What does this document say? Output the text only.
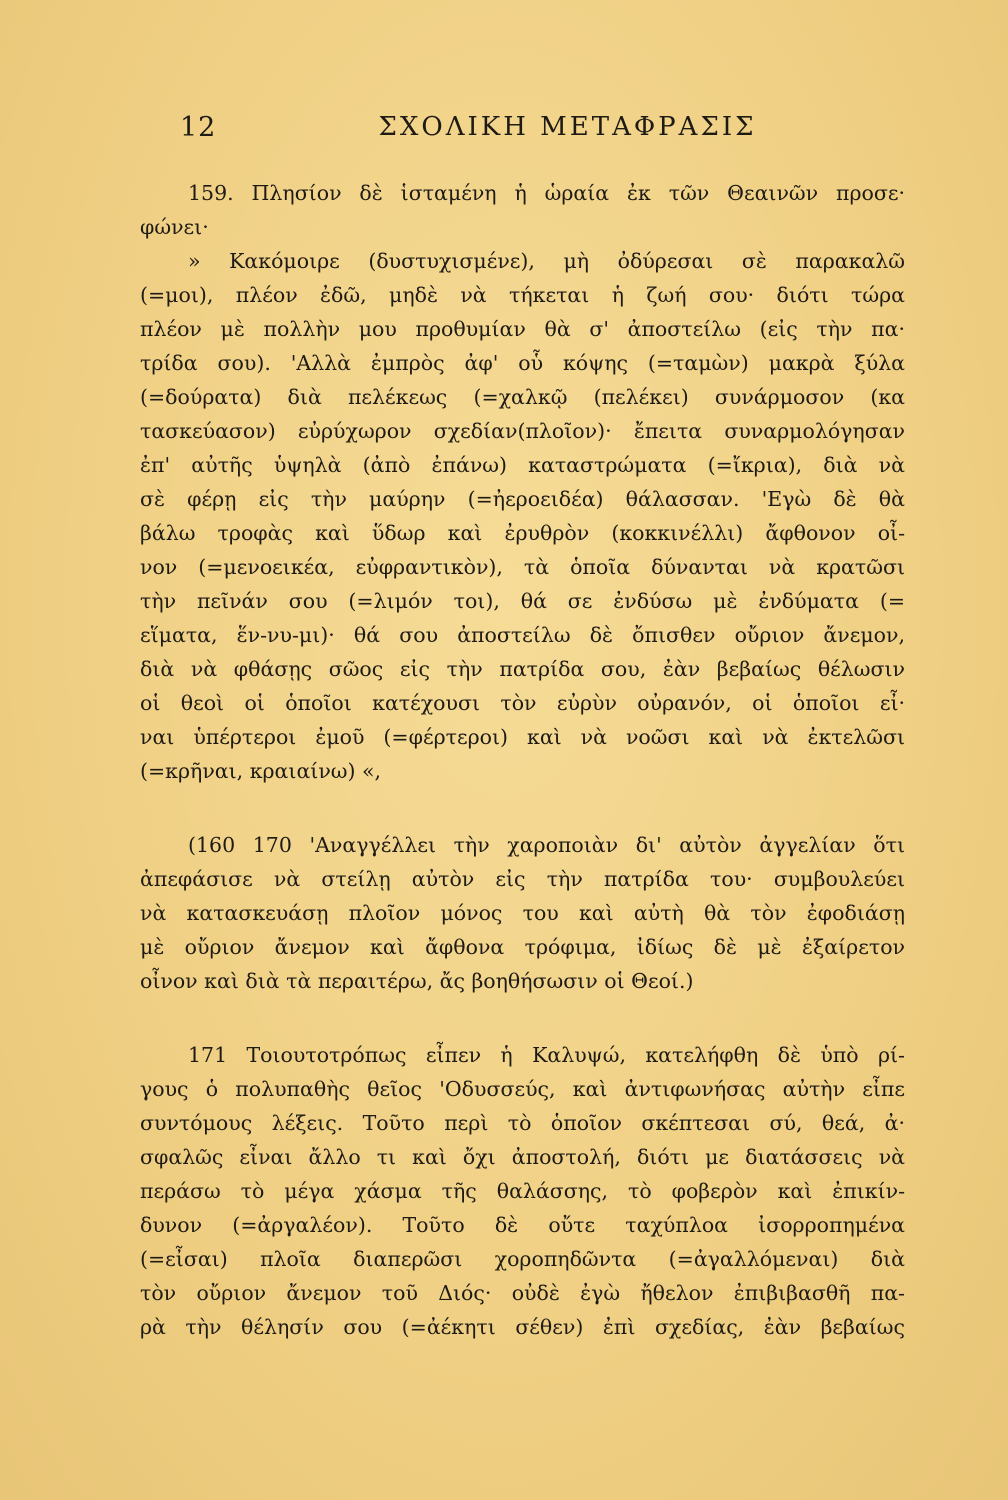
12	ΣΧΟΛΙΚΗ ΜΕΤΑΦΡΑΣΙΣ

159. Πλησίον δὲ ἱσταμένη ἡ ὡραία ἐκ τῶν Θεαινῶν προσε·
φώνει·

» Κακόμοιρε (δυστυχισμένε), μὴ ὀδύρεσαι σὲ παρακαλῶ
(=μοι), πλέον ἐδῶ, μηδὲ νὰ τήκεται ἡ ζωή σου· διότι τώρα
πλέον μὲ πολλὴν μου προθυμίαν θὰ σ' ἀποστείλω (εἰς τὴν πα·
τρίδα σου). 'Αλλὰ ἐμπρὸς ἀφ' οὗ κόψης (=ταμὼν) μακρὰ ξύλα
(=δούρατα) διὰ πελέκεως (=χαλκῷ (πελέκει) συνάρμοσον (κα
τασκεύασον) εὐρύχωρον σχεδίαν(πλοῖον)· ἔπειτα συναρμολόγησαν
ἐπ' αὐτῆς ὑψηλὰ (ἀπὸ ἐπάνω) καταστρώματα (=ἴκρια), διὰ νὰ
σὲ φέρῃ εἰς τὴν μαύρην (=ἠεροειδέα) θάλασσαν. 'Εγὼ δὲ θὰ
βάλω τροφὰς καὶ ὕδωρ καὶ ἐρυθρὸν (κοκκινέλλι) ἄφθονον οἶ-
νον (=μενοεικέα, εὐφραντικὸν), τὰ ὁποῖα δύνανται νὰ κρατῶσι
τὴν πεῖνάν σου (=λιμόν τοι), θά σε ἐνδύσω μὲ ἐνδύματα (=
εἵματα, ἕν-νυ-μι)· θά σου ἀποστείλω δὲ ὄπισθεν οὔριον ἄνεμον,
διὰ νὰ φθάσῃς σῶος εἰς τὴν πατρίδα σου, ἐὰν βεβαίως θέλωσιν
οἱ θεοὶ οἱ ὁποῖοι κατέχουσι τὸν εὐρὺν οὐρανόν, οἱ ὁποῖοι εἶ·
ναι ὑπέρτεροι ἐμοῦ (=φέρτεροι) καὶ νὰ νοῶσι καὶ νὰ ἐκτελῶσι
(=κρῆναι, κραιαίνω) «,

(160 170 'Αναγγέλλει τὴν χαροποιὰν δι' αὐτὸν ἀγγελίαν ὅτι
ἀπεφάσισε νὰ στείλῃ αὐτὸν εἰς τὴν πατρίδα του· συμβουλεύει
νὰ κατασκευάσῃ πλοῖον μόνος του καὶ αὐτὴ θὰ τὸν ἐφοδιάσῃ
μὲ οὔριον ἄνεμον καὶ ἄφθονα τρόφιμα, ἰδίως δὲ μὲ ἐξαίρετον
οἶνον καὶ διὰ τὰ περαιτέρω, ἄς βοηθήσωσιν οἱ Θεοί.)

171 Τοιουτοτρόπως εἶπεν ἡ Καλυψώ, κατελήφθη δὲ ὑπὸ ρί-
γους ὁ πολυπαθὴς θεῖος 'Οδυσσεύς, καὶ ἀντιφωνήσας αὐτὴν εἶπε
συντόμους λέξεις. Τοῦτο περὶ τὸ ὁποῖον σκέπτεσαι σύ, θεά, ἀ·
σφαλῶς εἶναι ἄλλο τι καὶ ὄχι ἀποστολή, διότι με διατάσσεις νὰ
περάσω τὸ μέγα χάσμα τῆς θαλάσσης, τὸ φοβερὸν καὶ ἐπικίν-
δυνον (=ἀργαλέον). Τοῦτο δὲ οὔτε ταχύπλοα ἰσορροπημένα
(=εἶσαι) πλοῖα διαπερῶσι χοροπηδῶντα (=ἀγαλλόμεναι) διὰ
τὸν οὔριον ἄνεμον τοῦ Διός· οὐδὲ ἐγὼ ἤθελον ἐπιβιβασθῆ πα-
ρὰ τὴν θέλησίν σου (=ἀέκητι σέθεν) ἐπὶ σχεδίας, ἐὰν βεβαίως
